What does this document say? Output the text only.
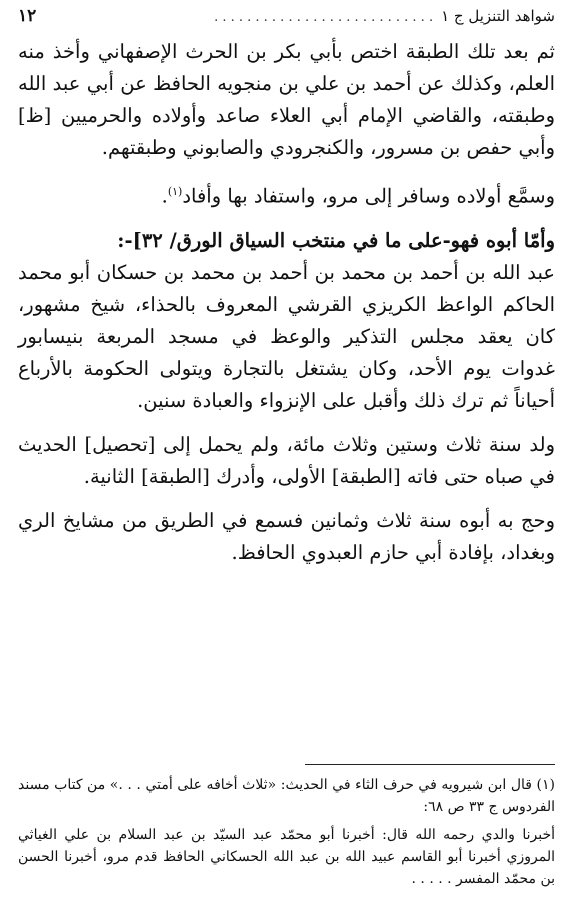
شواهد التنزيل ج ١
. . . . . . . . . . . . . . . . . . . . . . . . . . .
١٢

ثم بعد تلك الطبقة اختص بأبي بكر بن الحرث الإصفهاني وأخذ منه العلم، وكذلك عن أحمد بن علي بن منجويه الحافظ عن أبي عبد الله وطبقته، والقاضي الإمام أبي العلاء صاعد وأولاده والحرميين [ظ] وأبي حفص بن مسرور، والكنجرودي والصابوني وطبقتهم.

وسمَّع أولاده وسافر إلى مرو، واستفاد بها وأفاد$^{(١)}$.

وأمّا أبوه فهو-على ما في منتخب السياق الورق/ ٣٢]-:

عبد الله بن أحمد بن محمد بن أحمد بن محمد بن حسكان أبو محمد الحاكم الواعظ الكريزي القرشي المعروف بالحذاء، شيخ مشهور، كان يعقد مجلس التذكير والوعظ في مسجد المربعة بنيسابور غدوات يوم الأحد، وكان يشتغل بالتجارة ويتولى الحكومة بالأرباع أحياناً ثم ترك ذلك وأقبل على الإنزواء والعبادة سنين.

ولد سنة ثلاث وستين وثلاث مائة، ولم يحمل إلى [تحصيل] الحديث في صباه حتى فاته [الطبقة] الأولى، وأدرك [الطبقة] الثانية.

وحج به أبوه سنة ثلاث وثمانين فسمع في الطريق من مشايخ الري وبغداد، بإفادة أبي حازم العبدوي الحافظ.

(١) قال ابن شيرويه في حرف الثاء في الحديث: «ثلاث أخافه على أمتي . . .» من كتاب مسند الفردوس ج ٣٣ ص ٦٨:

أخبرنا والدي رحمه الله قال: أخبرنا أبو محمّد عبد السيّد بن عبد السلام بن علي الغياثي المروزي أخبرنا أبو القاسم عبيد الله بن عبد الله الحسكاني الحافظ قدم مرو، أخبرنا الحسن بن محمّد المفسر . . . . .
